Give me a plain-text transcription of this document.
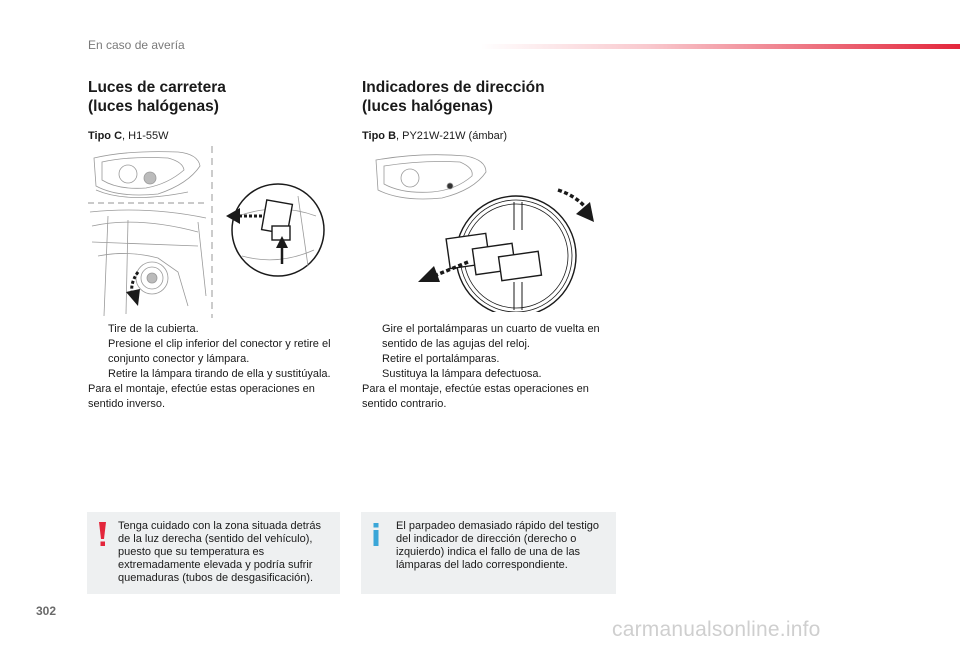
En caso de avería
Luces de carretera
(luces halógenas)
Tipo C, H1-55W
Tire de la cubierta.
Presione el clip inferior del conector y retire el conjunto conector y lámpara.
Retire la lámpara tirando de ella y sustitúyala.
Para el montaje, efectúe estas operaciones en sentido inverso.
Indicadores de dirección
(luces halógenas)
Tipo B, PY21W-21W (ámbar)
Gire el portalámparas un cuarto de vuelta en sentido de las agujas del reloj.
Retire el portalámparas.
Sustituya la lámpara defectuosa.
Para el montaje, efectúe estas operaciones en sentido contrario.
Tenga cuidado con la zona situada detrás de la luz derecha (sentido del vehículo), puesto que su temperatura es extremadamente elevada y podría sufrir quemaduras (tubos de desgasificación).
El parpadeo demasiado rápido del testigo del indicador de dirección (derecho o izquierdo) indica el fallo de una de las lámparas del lado correspondiente.
302
carmanualsonline.info
